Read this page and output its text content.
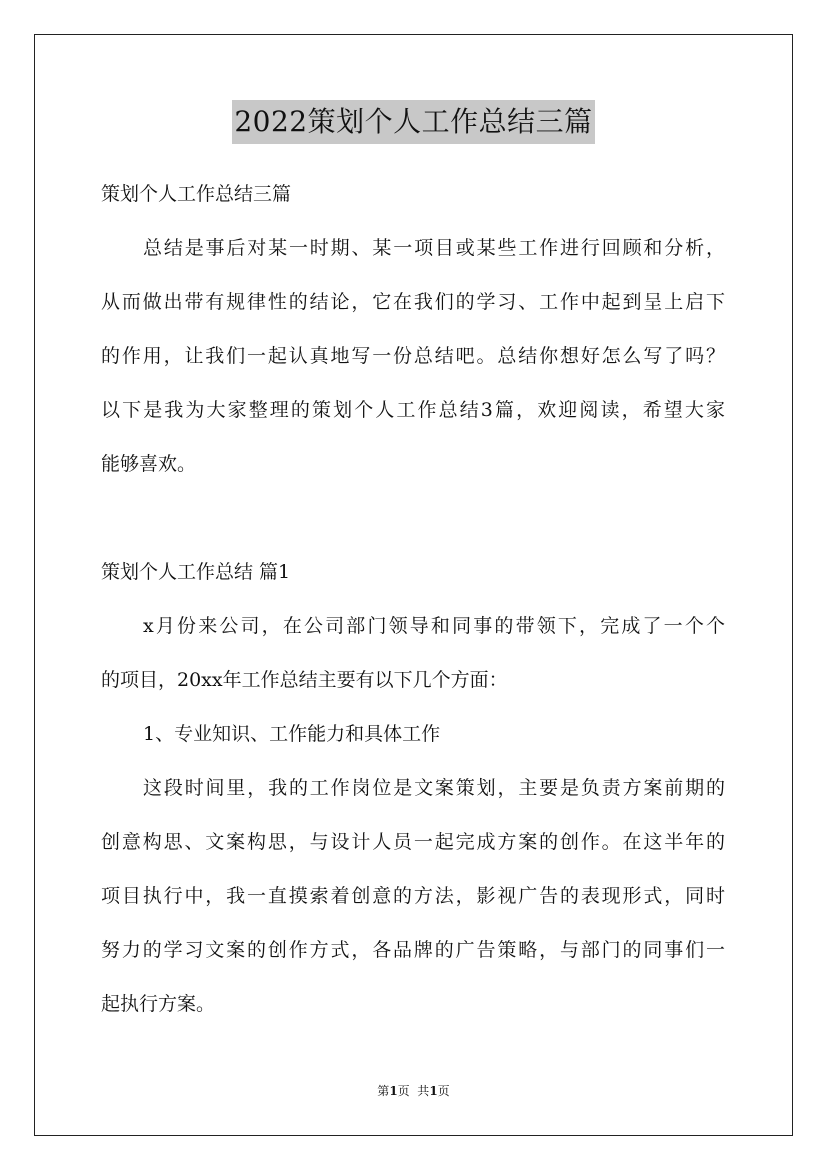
2022策划个人工作总结三篇
策划个人工作总结三篇
总结是事后对某一时期、某一项目或某些工作进行回顾和分析，
从而做出带有规律性的结论，它在我们的学习、工作中起到呈上启下
的作用，让我们一起认真地写一份总结吧。总结你想好怎么写了吗？
以下是我为大家整理的策划个人工作总结3篇，欢迎阅读，希望大家
能够喜欢。
策划个人工作总结 篇1
x月份来公司，在公司部门领导和同事的带领下，完成了一个个
的项目，20xx年工作总结主要有以下几个方面：
1、专业知识、工作能力和具体工作
这段时间里，我的工作岗位是文案策划，主要是负责方案前期的
创意构思、文案构思，与设计人员一起完成方案的创作。在这半年的
项目执行中，我一直摸索着创意的方法，影视广告的表现形式，同时
努力的学习文案的创作方式，各品牌的广告策略，与部门的同事们一
起执行方案。
第1页  共1页
